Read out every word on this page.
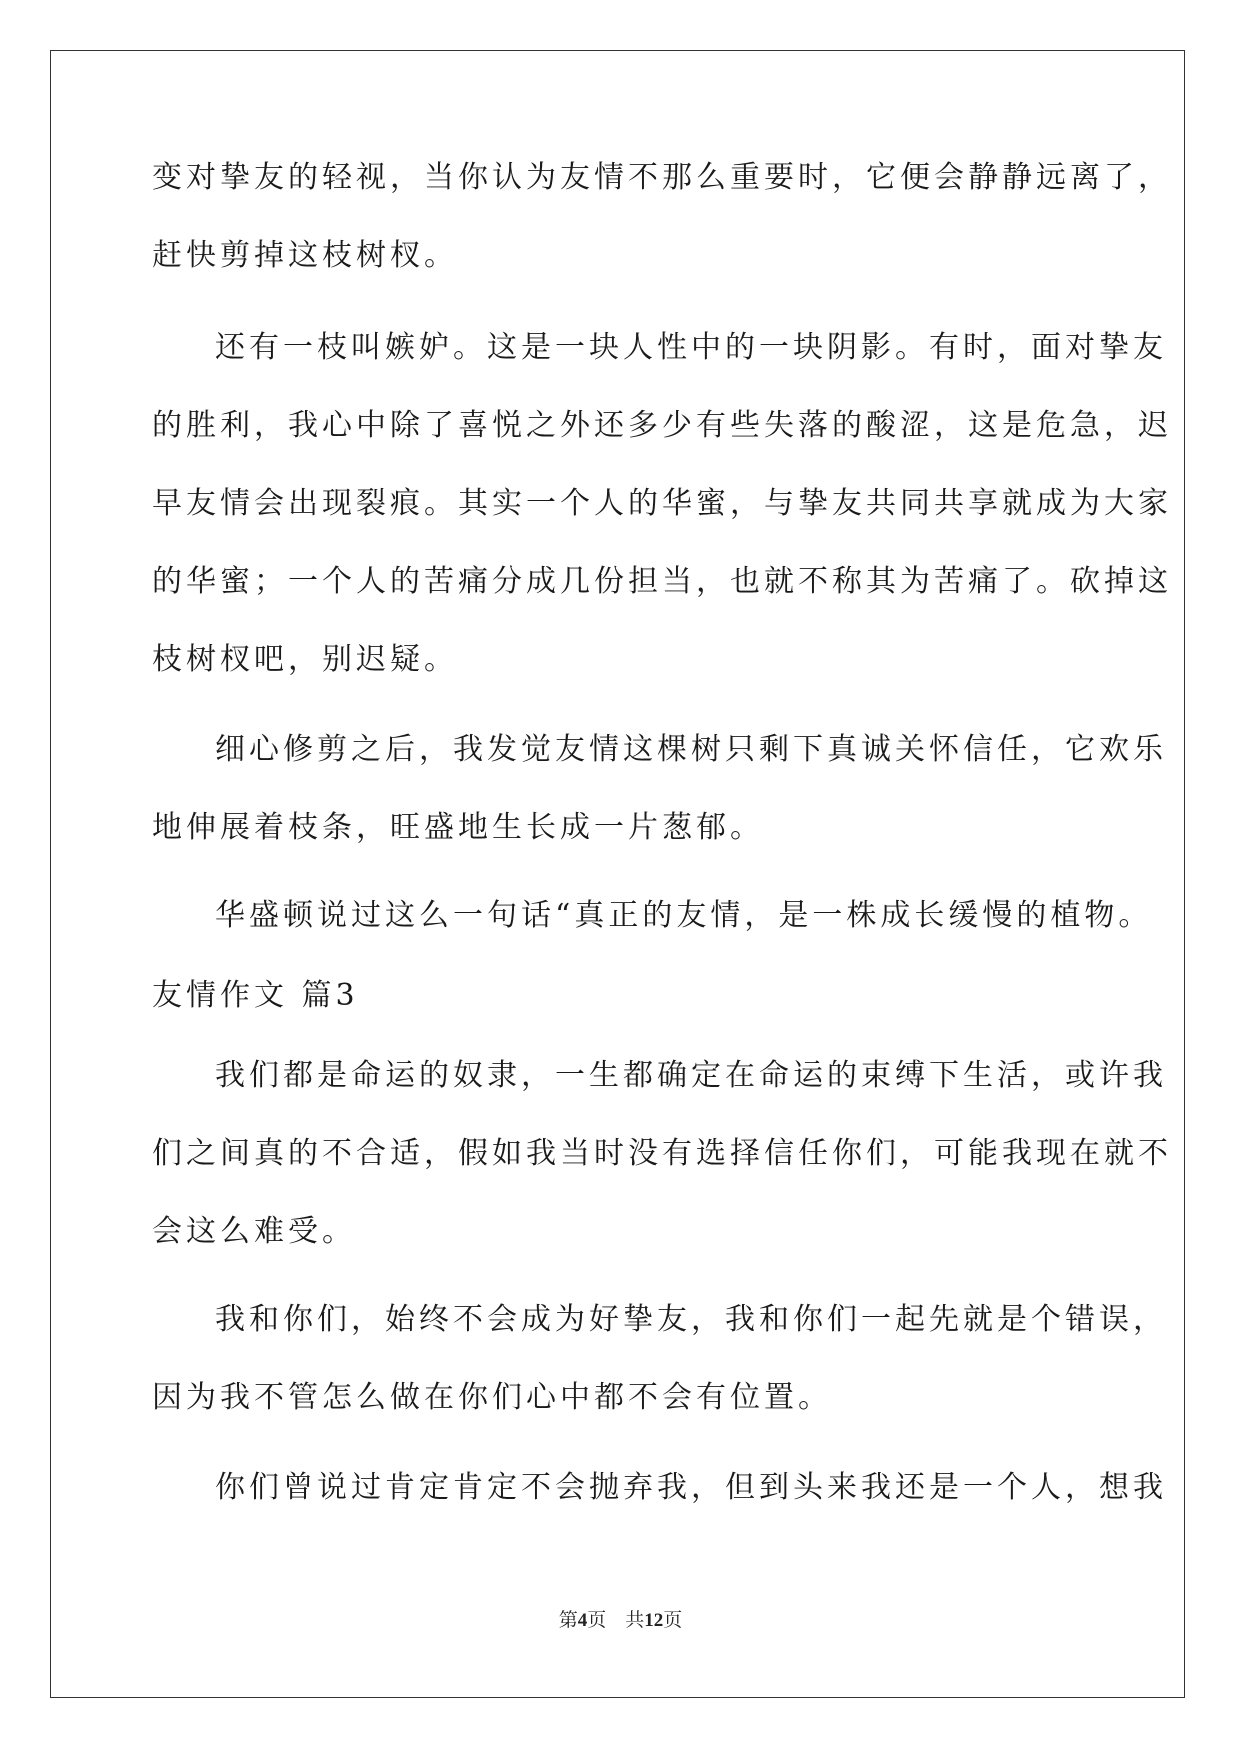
变对挚友的轻视，当你认为友情不那么重要时，它便会静静远离了，
赶快剪掉这枝树杈。
还有一枝叫嫉妒。这是一块人性中的一块阴影。有时，面对挚友
的胜利，我心中除了喜悦之外还多少有些失落的酸涩，这是危急，迟
早友情会出现裂痕。其实一个人的华蜜，与挚友共同共享就成为大家
的华蜜；一个人的苦痛分成几份担当，也就不称其为苦痛了。砍掉这
枝树杈吧，别迟疑。
细心修剪之后，我发觉友情这棵树只剩下真诚关怀信任，它欢乐
地伸展着枝条，旺盛地生长成一片葱郁。
华盛顿说过这么一句话“真正的友情，是一株成长缓慢的植物。
友情作文 篇3
我们都是命运的奴隶，一生都确定在命运的束缚下生活，或许我
们之间真的不合适，假如我当时没有选择信任你们，可能我现在就不
会这么难受。
我和你们，始终不会成为好挚友，我和你们一起先就是个错误，
因为我不管怎么做在你们心中都不会有位置。
你们曾说过肯定肯定不会抛弃我，但到头来我还是一个人，想我
第4页    共12页
